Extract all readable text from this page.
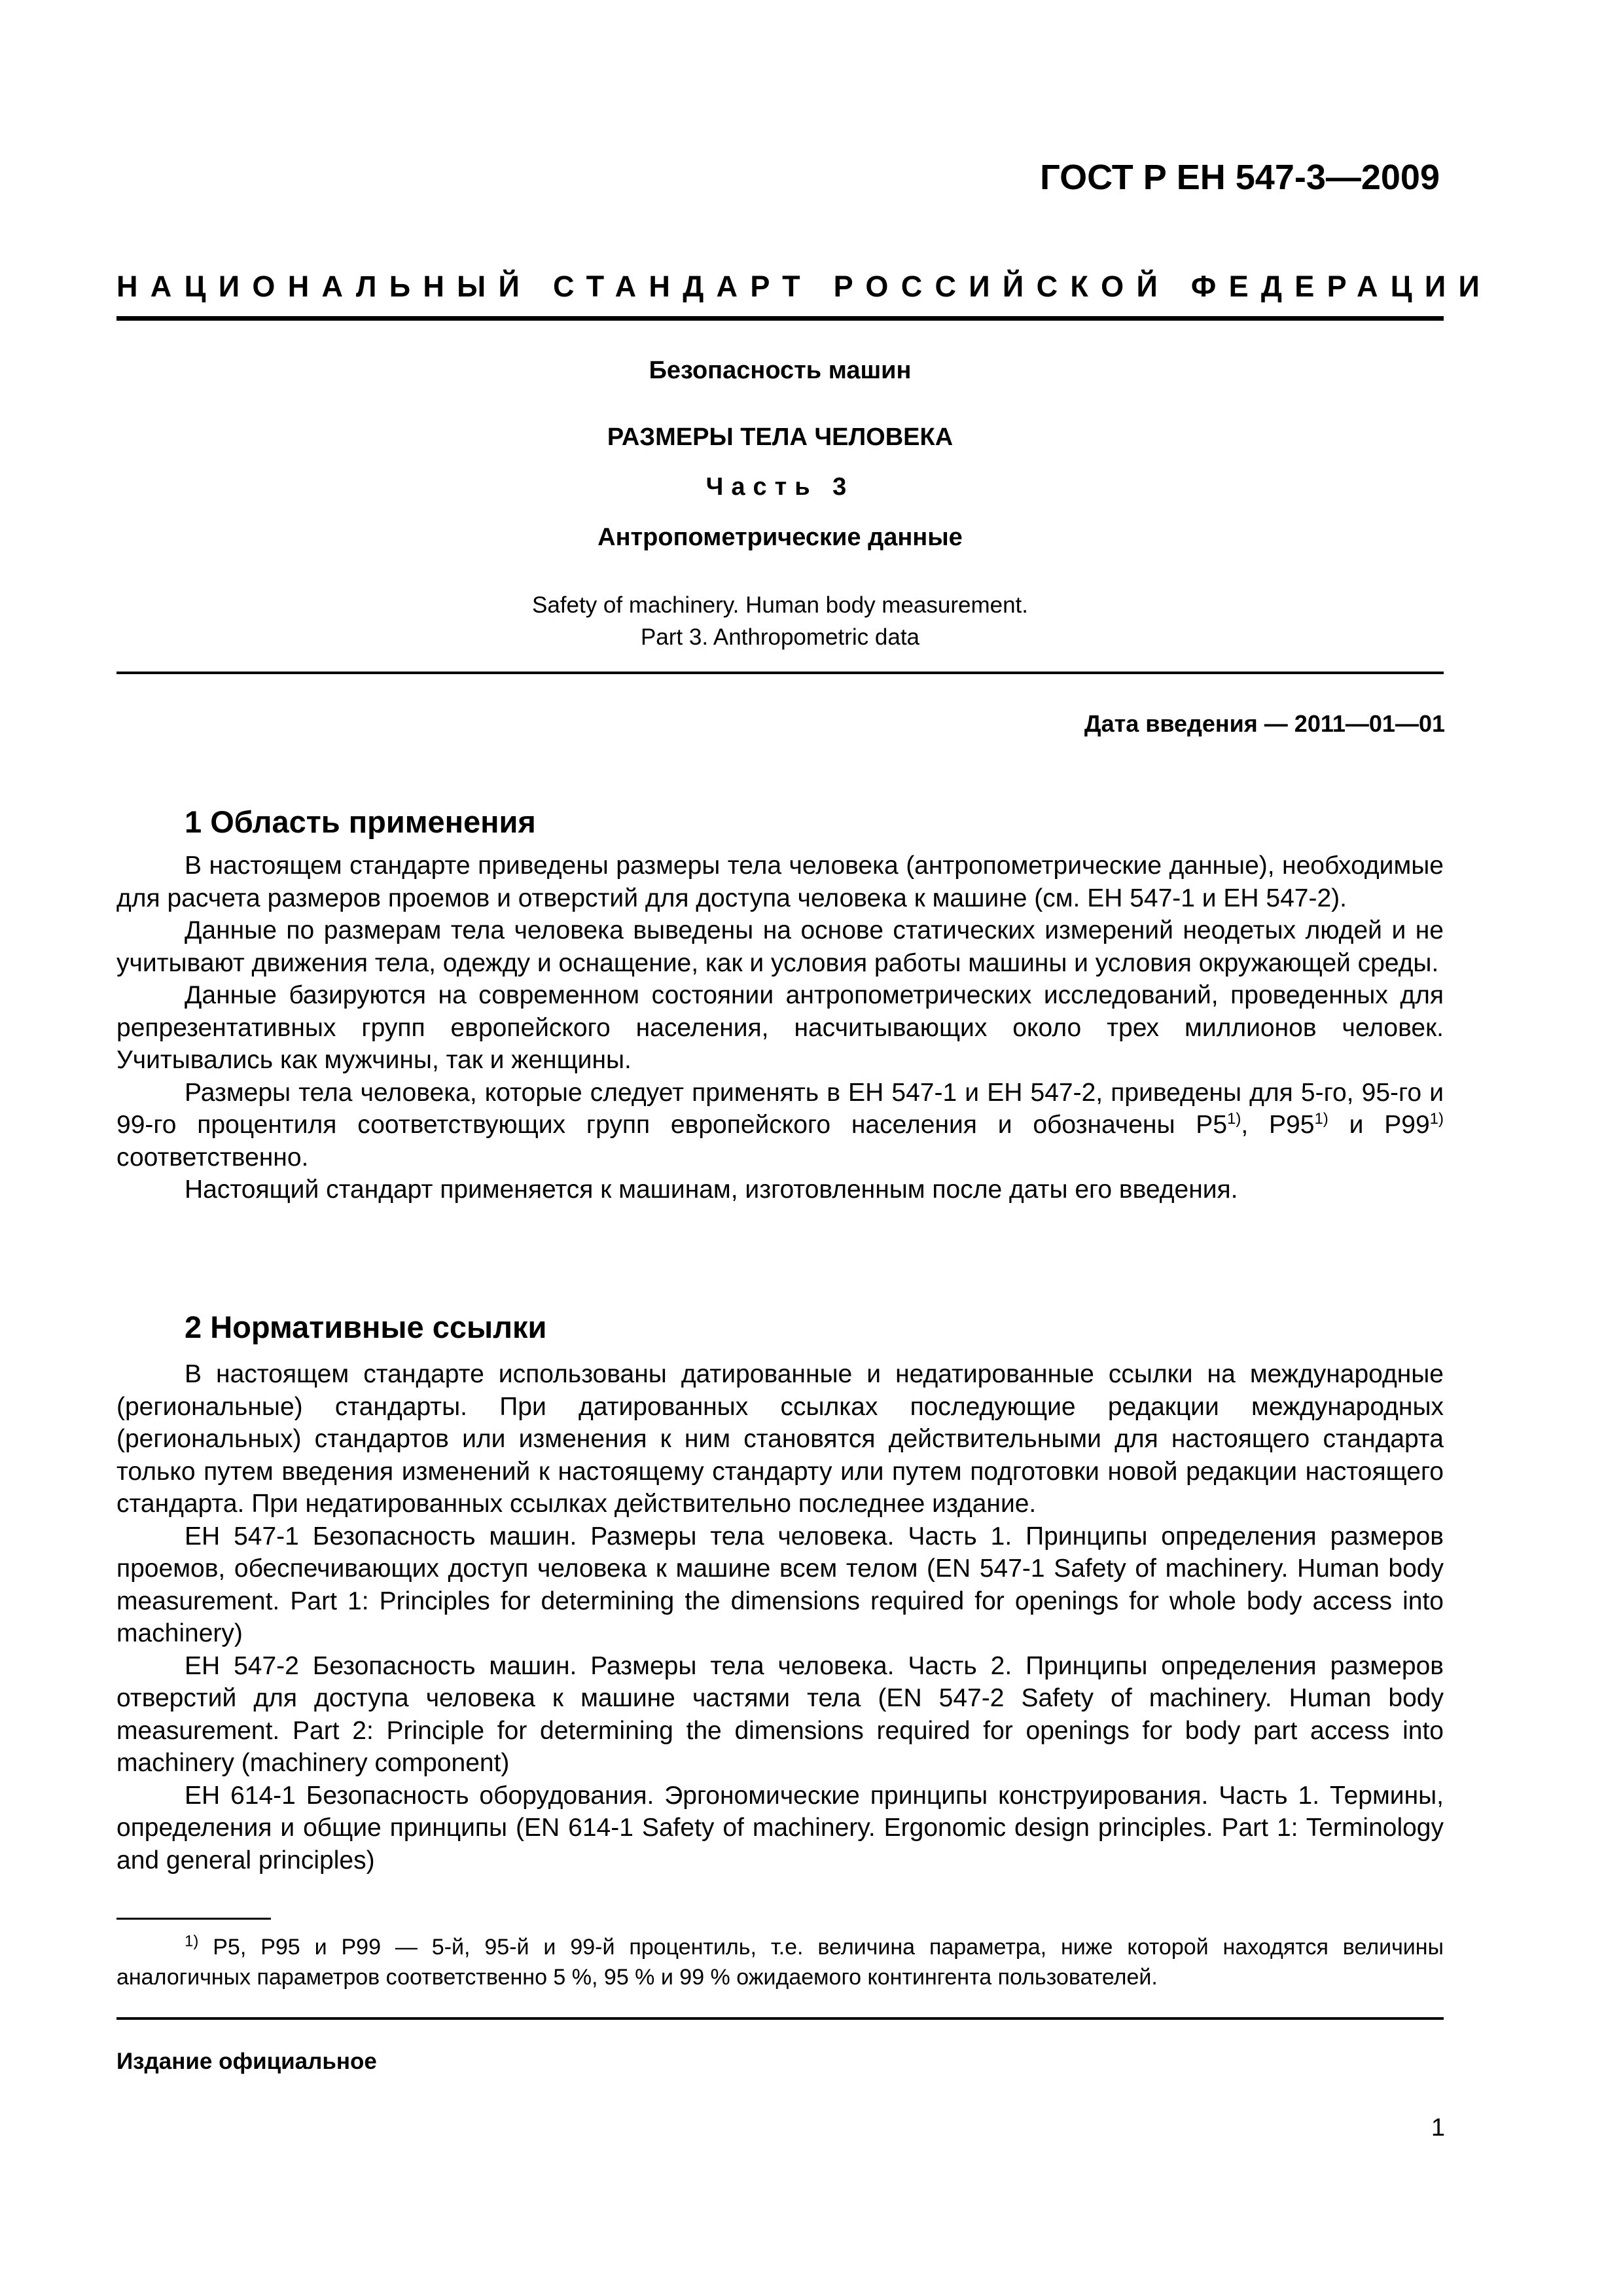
ГОСТ Р ЕН 547-3—2009
НАЦИОНАЛЬНЫЙ СТАНДАРТ РОССИЙСКОЙ ФЕДЕРАЦИИ
Безопасность машин
РАЗМЕРЫ ТЕЛА ЧЕЛОВЕКА
Часть 3
Антропометрические данные
Safety of machinery. Human body measurement.
Part 3. Anthropometric data
Дата введения — 2011—01—01
1 Область применения

В настоящем стандарте приведены размеры тела человека (антропометрические данные), необходимые для расчета размеров проемов и отверстий для доступа человека к машине (см. ЕН 547-1 и ЕН 547-2).

Данные по размерам тела человека выведены на основе статических измерений неодетых людей и не учитывают движения тела, одежду и оснащение, как и условия работы машины и условия окружающей среды.

Данные базируются на современном состоянии антропометрических исследований, проведенных для репрезентативных групп европейского населения, насчитывающих около трех миллионов человек. Учитывались как мужчины, так и женщины.

Размеры тела человека, которые следует применять в ЕН 547-1 и ЕН 547-2, приведены для 5-го, 95-го и 99-го процентиля соответствующих групп европейского населения и обозначены P5$^{1)}$, P95$^{1)}$ и P99$^{1)}$ соответственно.

Настоящий стандарт применяется к машинам, изготовленным после даты его введения.

2 Нормативные ссылки

В настоящем стандарте использованы датированные и недатированные ссылки на международные (региональные) стандарты. При датированных ссылках последующие редакции международных (региональных) стандартов или изменения к ним становятся действительными для настоящего стандарта только путем введения изменений к настоящему стандарту или путем подготовки новой редакции настоящего стандарта. При недатированных ссылках действительно последнее издание.

ЕН 547-1 Безопасность машин. Размеры тела человека. Часть 1. Принципы определения размеров проемов, обеспечивающих доступ человека к машине всем телом (EN 547-1 Safety of machinery. Human body measurement. Part 1: Principles for determining the dimensions required for openings for whole body access into machinery)

ЕН 547-2 Безопасность машин. Размеры тела человека. Часть 2. Принципы определения размеров отверстий для доступа человека к машине частями тела (EN 547-2 Safety of machinery. Human body measurement. Part 2: Principle for determining the dimensions required for openings for body part access into machinery (machinery component)

ЕН 614-1 Безопасность оборудования. Эргономические принципы конструирования. Часть 1. Термины, определения и общие принципы (EN 614-1 Safety of machinery. Ergonomic design principles. Part 1: Terminology and general principles)

$^{1)}$ P5, P95 и P99 — 5-й, 95-й и 99-й процентиль, т.е. величина параметра, ниже которой находятся величины аналогичных параметров соответственно 5 %, 95 % и 99 % ожидаемого контингента пользователей.

Издание официальное
1
